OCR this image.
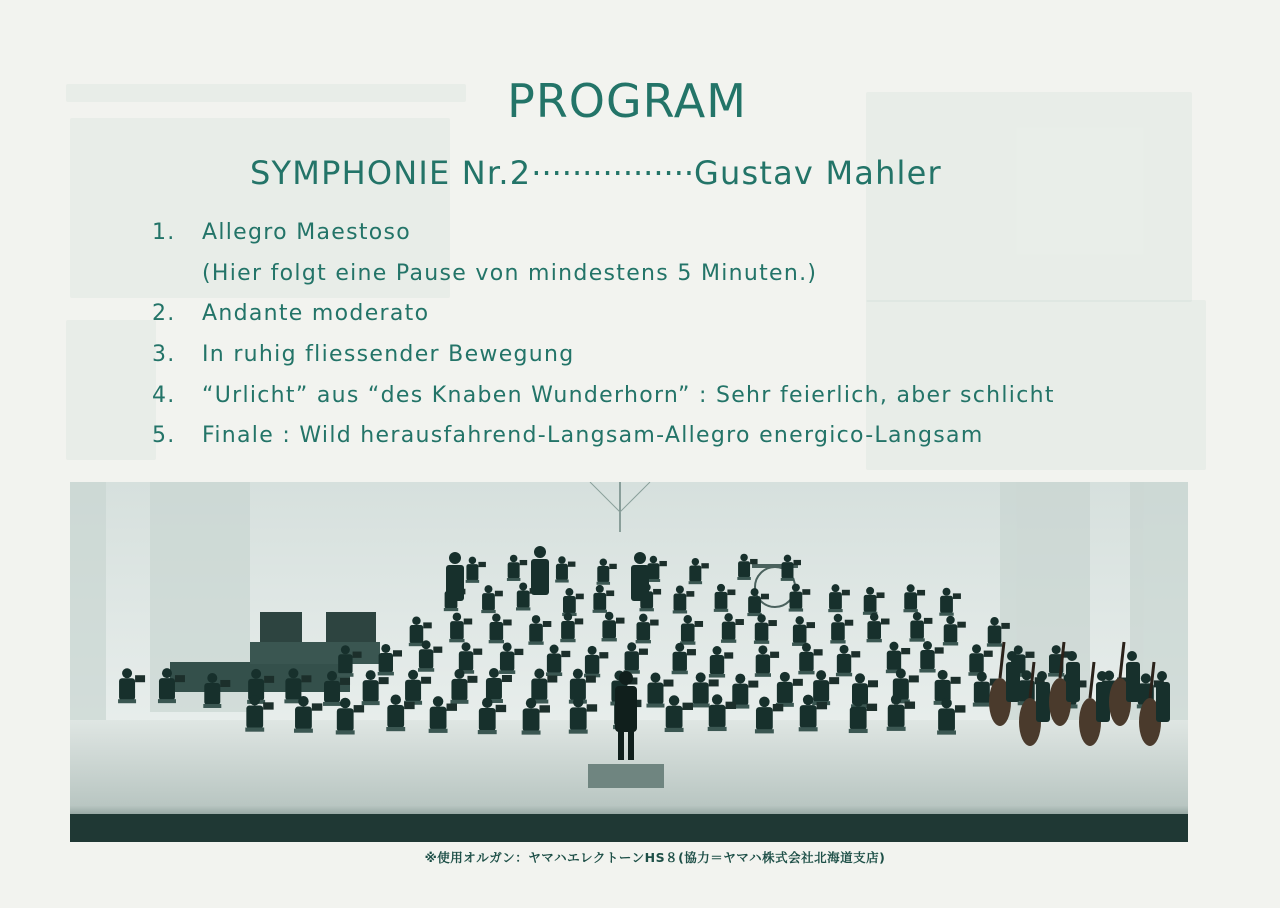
PROGRAM
SYMPHONIE Nr.2················Gustav Mahler
1. Allegro Maestoso
(Hier folgt eine Pause von mindestens 5 Minuten.)
2. Andante moderato
3. In ruhig fliessender Bewegung
4. “Urlicht” aus “des Knaben Wunderhorn” : Sehr feierlich, aber schlicht
5. Finale : Wild herausfahrend-Langsam-Allegro energico-Langsam

※使用オルガン：ヤマハエレクトーンHS８(協力＝ヤマハ株式会社北海道支店)
